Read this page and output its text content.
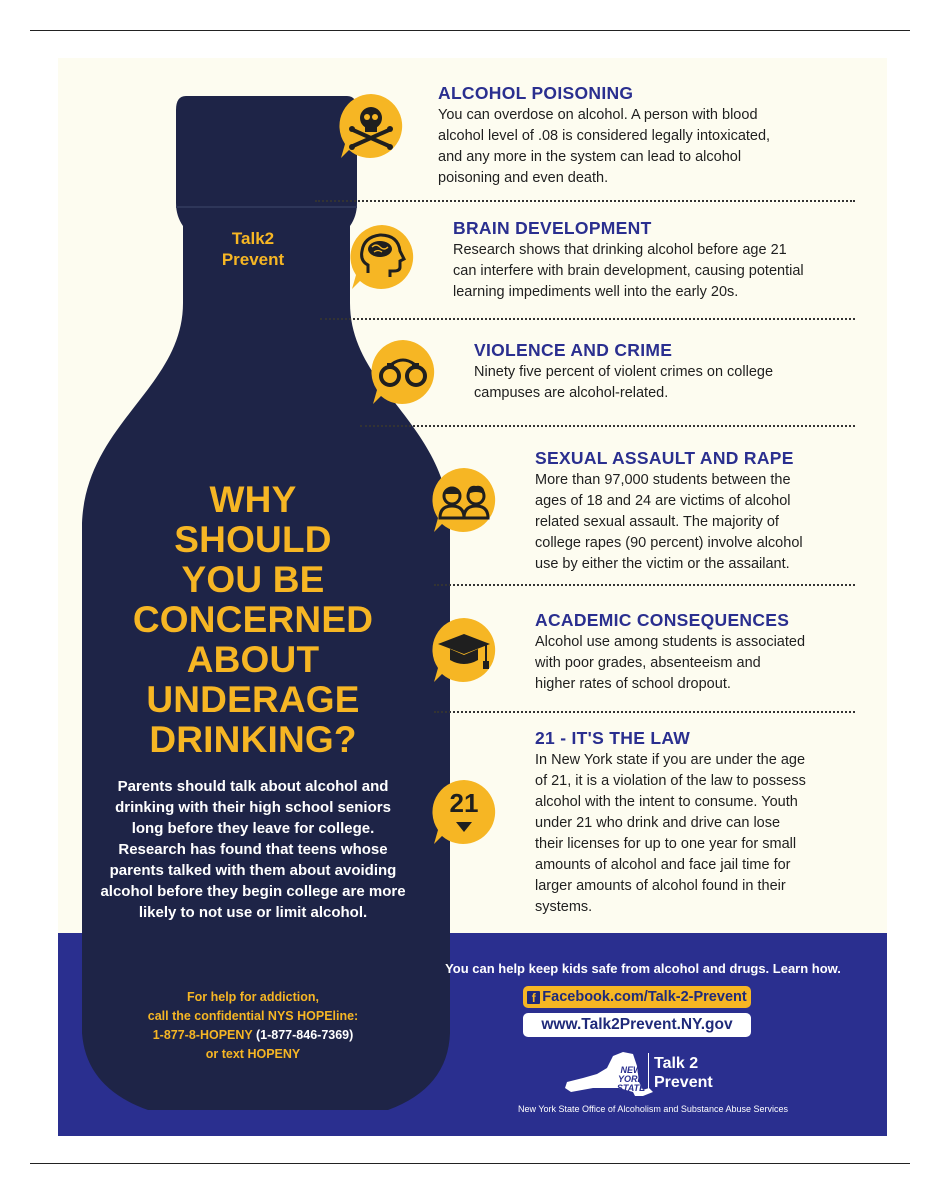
Talk2
Prevent
WHY
SHOULD
YOU BE
CONCERNED
ABOUT
UNDERAGE
DRINKING?
Parents should talk about alcohol and drinking with their high school seniors long before they leave for college. Research has found that teens whose parents talked with them about avoiding alcohol before they begin college are more likely to not use or limit alcohol.
For help for addiction,
call the confidential NYS HOPEline:
1-877-8-HOPENY (1-877-846-7369)
or text HOPENY
ALCOHOL POISONING
You can overdose on alcohol. A person with blood
alcohol level of .08 is considered legally intoxicated,
and any more in the system can lead to alcohol
poisoning and even death.
BRAIN DEVELOPMENT
Research shows that drinking alcohol before age 21
can interfere with brain development, causing potential
learning impediments well into the early 20s.
VIOLENCE AND CRIME
Ninety five percent of violent crimes on college
campuses are alcohol-related.
SEXUAL ASSAULT AND RAPE
More than 97,000 students between the
ages of 18 and 24 are victims of alcohol
related sexual assault. The majority of
college rapes (90 percent) involve alcohol
use by either the victim or the assailant.
ACADEMIC CONSEQUENCES
Alcohol use among students is associated
with poor grades, absenteeism and
higher rates of school dropout.
21
21 - IT'S THE LAW
In New York state if you are under the age
of 21, it is a violation of the law to possess
alcohol with the intent to consume. Youth
under 21 who drink and drive can lose
their licenses for up to one year for small
amounts of alcohol and face jail time for
larger amounts of alcohol found in their
systems.
You can help keep kids safe from alcohol and drugs. Learn how.
f Facebook.com/Talk-2-Prevent
www.Talk2Prevent.NY.gov
NEW
YORK
STATE
Talk 2
Prevent
New York State Office of Alcoholism and Substance Abuse Services
